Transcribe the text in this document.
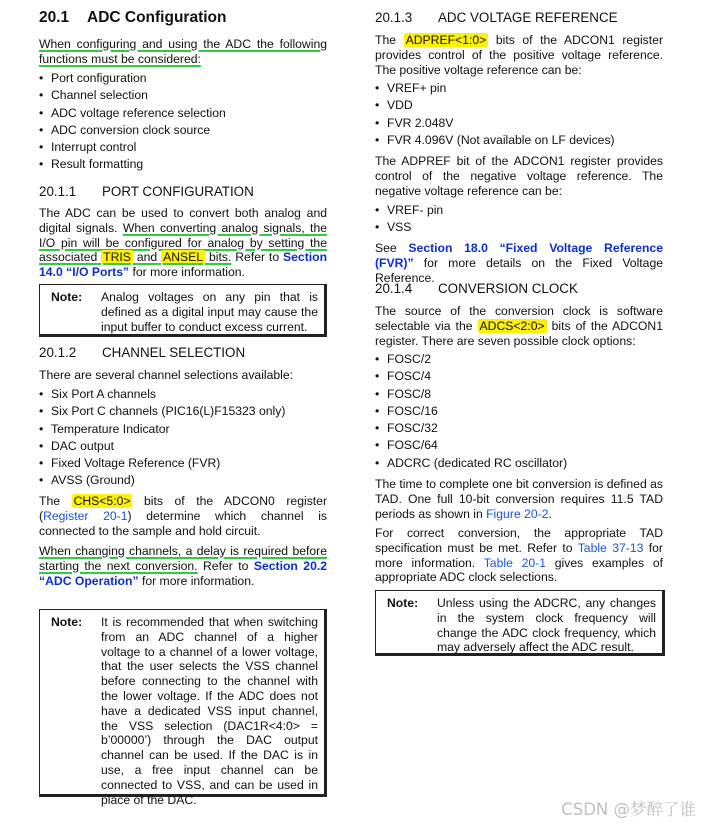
20.1 ADC Configuration

When configuring and using the ADC the following functions must be considered:

• Port configuration
• Channel selection
• ADC voltage reference selection
• ADC conversion clock source
• Interrupt control
• Result formatting
20.1.1 PORT CONFIGURATION

The ADC can be used to convert both analog and digital signals. When converting analog signals, the I/O pin will be configured for analog by setting the associated TRIS and ANSEL bits. Refer to Section 14.0 “I/O Ports” for more information.

Note: Analog voltages on any pin that is defined as a digital input may cause the input buffer to conduct excess current.
20.1.2 CHANNEL SELECTION

There are several channel selections available:

• Six Port A channels
• Six Port C channels (PIC16(L)F15323 only)
• Temperature Indicator
• DAC output
• Fixed Voltage Reference (FVR)
• AVSS (Ground)

The CHS<5:0> bits of the ADCON0 register (Register 20-1) determine which channel is connected to the sample and hold circuit.

When changing channels, a delay is required before starting the next conversion. Refer to Section 20.2 “ADC Operation” for more information.

Note: It is recommended that when switching from an ADC channel of a higher voltage to a channel of a lower voltage, that the user selects the VSS channel before connecting to the channel with the lower voltage. If the ADC does not have a dedicated VSS input channel, the VSS selection (DAC1R<4:0> = b’00000’) through the DAC output channel can be used. If the DAC is in use, a free input channel can be connected to VSS, and can be used in place of the DAC.
20.1.3 ADC VOLTAGE REFERENCE

The ADPREF<1:0> bits of the ADCON1 register provides control of the positive voltage reference. The positive voltage reference can be:

• VREF+ pin
• VDD
• FVR 2.048V
• FVR 4.096V (Not available on LF devices)

The ADPREF bit of the ADCON1 register provides control of the negative voltage reference. The negative voltage reference can be:

• VREF- pin
• VSS

See Section 18.0 “Fixed Voltage Reference (FVR)” for more details on the Fixed Voltage Reference.

20.1.4 CONVERSION CLOCK

The source of the conversion clock is software selectable via the ADCS<2:0> bits of the ADCON1 register. There are seven possible clock options:

• FOSC/2
• FOSC/4
• FOSC/8
• FOSC/16
• FOSC/32
• FOSC/64
• ADCRC (dedicated RC oscillator)

The time to complete one bit conversion is defined as TAD. One full 10-bit conversion requires 11.5 TAD periods as shown in Figure 20-2.

For correct conversion, the appropriate TAD specification must be met. Refer to Table 37-13 for more information. Table 20-1 gives examples of appropriate ADC clock selections.

Note: Unless using the ADCRC, any changes in the system clock frequency will change the ADC clock frequency, which may adversely affect the ADC result.
CSDN @梦醉了谁
